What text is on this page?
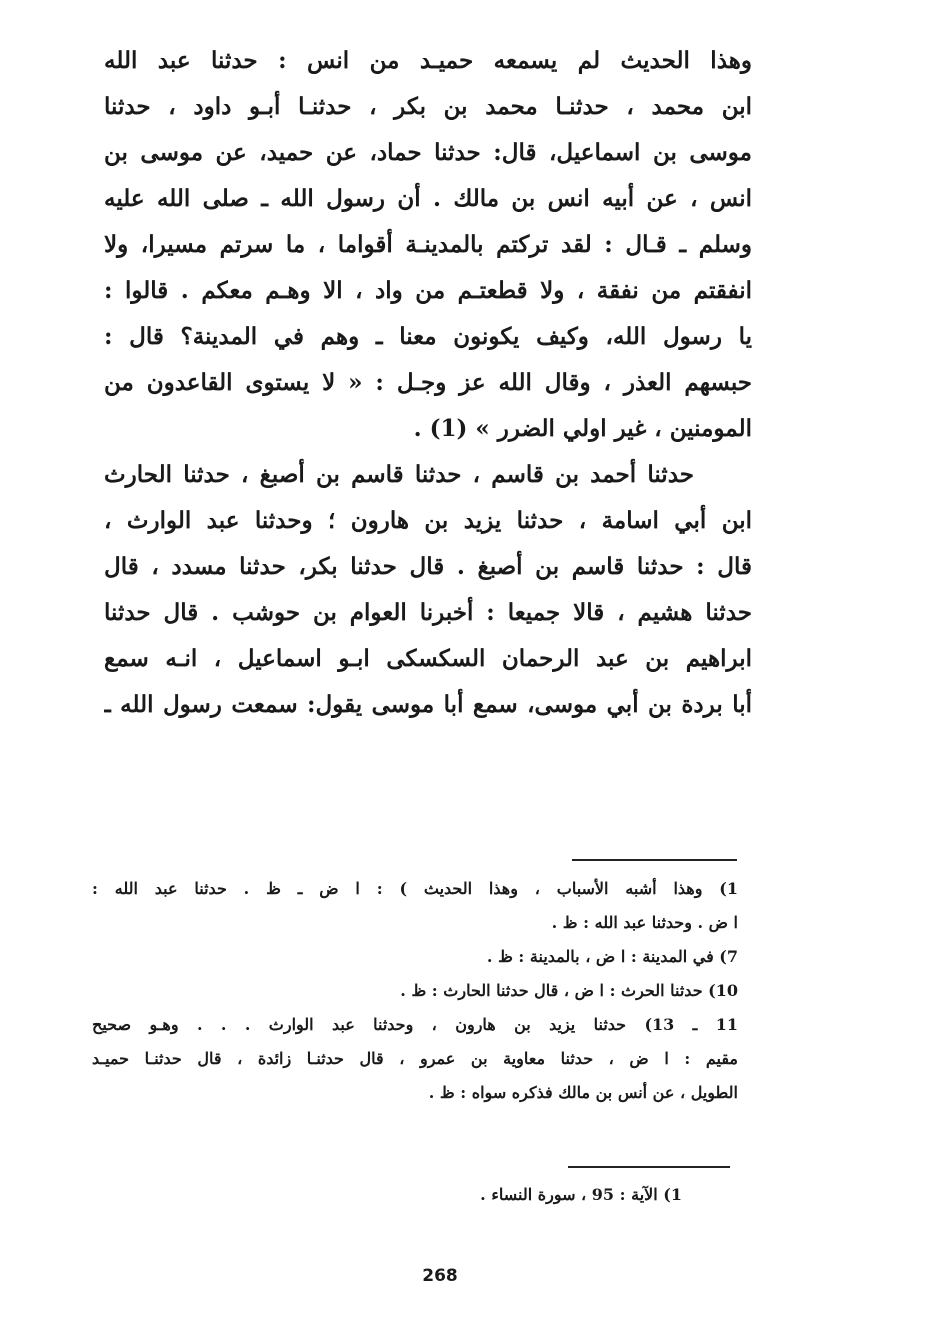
وهذا الحديث لم يسمعه حميـد من انس : حدثنا عبد الله
ابن محمد ، حدثنـا محمد بن بكر ، حدثنـا أبـو داود ، حدثنا
موسى بن اسماعيل، قال: حدثنا حماد، عن حميد، عن موسى بن
انس ، عن أبيه انس بن مالك . أن رسول الله ـ صلى الله عليه
وسلم ـ قـال : لقد تركتم بالمدينـة أقواما ، ما سرتم مسيرا، ولا
انفقتم من نفقة ، ولا قطعتـم من واد ، الا وهـم معكم . قالوا :
يا رسول الله، وكيف يكونون معنا ـ وهم في المدينة؟ قال :
حبسهم العذر ، وقال الله عز وجـل : « لا يستوى القاعدون من
المومنين ، غير اولي الضرر » (1) .
حدثنا أحمد بن قاسم ، حدثنا قاسم بن أصبغ ، حدثنا الحارث
ابن أبي اسامة ، حدثنا يزيد بن هارون ؛ وحدثنا عبد الوارث ،
قال : حدثنا قاسم بن أصبغ . قال حدثنا بكر، حدثنا مسدد ، قال
حدثنا هشيم ، قالا جميعا : أخبرنا العوام بن حوشب . قال حدثنا
ابراهيم بن عبد الرحمان السكسكى ابـو اسماعيل ، انـه سمع
أبا بردة بن أبي موسى، سمع أبا موسى يقول: سمعت رسول الله ـ
1) وهذا أشبه الأسباب ، وهذا الحديث ) : ا ض ـ ظ . حدثنا عبد الله :
ا ض . وحدثنا عبد الله : ظ .
7) في المدينة : ا ض ، بالمدينة : ظ .
10) حدثنا الحرث : ا ض ، قال حدثنا الحارث : ظ .
11 ـ 13) حدثنا يزيد بن هارون ، وحدثنا عبد الوارث . . . وهـو صحيح
مقيم : ا ض ، حدثنا معاوية بن عمرو ، قال حدثنـا زائدة ، قال حدثنـا حميـد
الطويل ، عن أنس بن مالك فذكره سواه : ظ .
1) الآية : 95 ، سورة النساء .
268
